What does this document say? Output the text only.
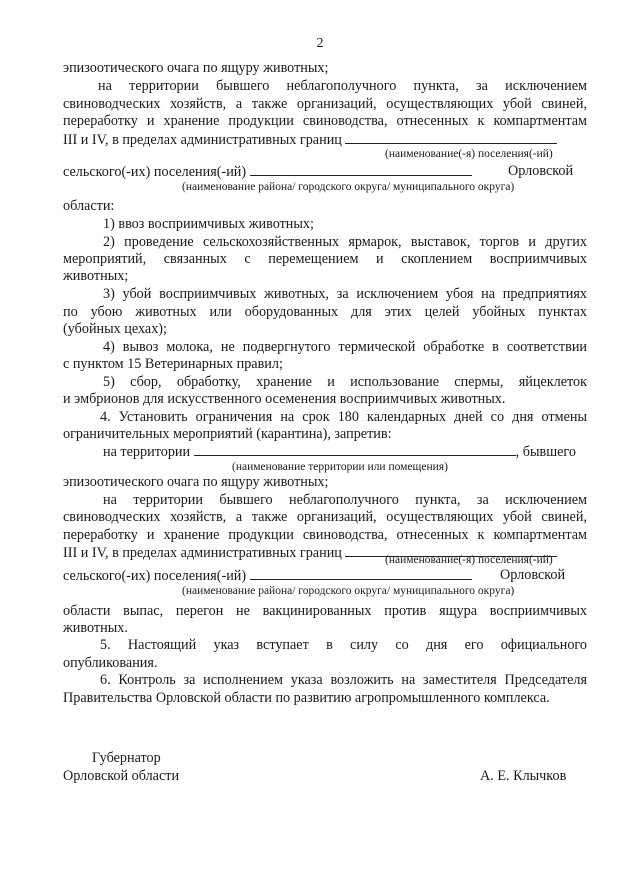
2
эпизоотического очага по ящуру животных;
на территории бывшего неблагополучного пункта, за исключением
свиноводческих хозяйств, а также организаций, осуществляющих убой свиней,
переработку и хранение продукции свиноводства, отнесенных к компартментам
III и IV, в пределах административных границ
(наименование(-я) поселения(-ий)
сельского(-их) поселения(-ий)	Орловской
(наименование района/ городского округа/ муниципального округа)
области:
1) ввоз восприимчивых животных;
2) проведение сельскохозяйственных ярмарок, выставок, торгов и других
мероприятий, связанных с перемещением и скоплением восприимчивых
животных;
3) убой восприимчивых животных, за исключением убоя на предприятиях
по убою животных или оборудованных для этих целей убойных пунктах
(убойных цехах);
4) вывоз молока, не подвергнутого термической обработке в соответствии
с пунктом 15 Ветеринарных правил;
5) сбор, обработку, хранение и использование спермы, яйцеклеток
и эмбрионов для искусственного осеменения восприимчивых животных.
4. Установить ограничения на срок 180 календарных дней со дня отмены
ограничительных мероприятий (карантина), запретив:
на территории	, бывшего
(наименование территории или помещения)
эпизоотического очага по ящуру животных;
на территории бывшего неблагополучного пункта, за исключением
свиноводческих хозяйств, а также организаций, осуществляющих убой свиней,
переработку и хранение продукции свиноводства, отнесенных к компартментам
III и IV, в пределах административных границ	(наименование(-я) поселения(-ий)
сельского(-их) поселения(-ий)	Орловской
(наименование района/ городского округа/ муниципального округа)
области выпас, перегон не вакцинированных против ящура восприимчивых
животных.
5. Настоящий указ вступает в силу со дня его официального
опубликования.
6. Контроль за исполнением указа возложить на заместителя Председателя
Правительства Орловской области по развитию агропромышленного комплекса.
Губернатор
Орловской области	А. Е. Клычков
